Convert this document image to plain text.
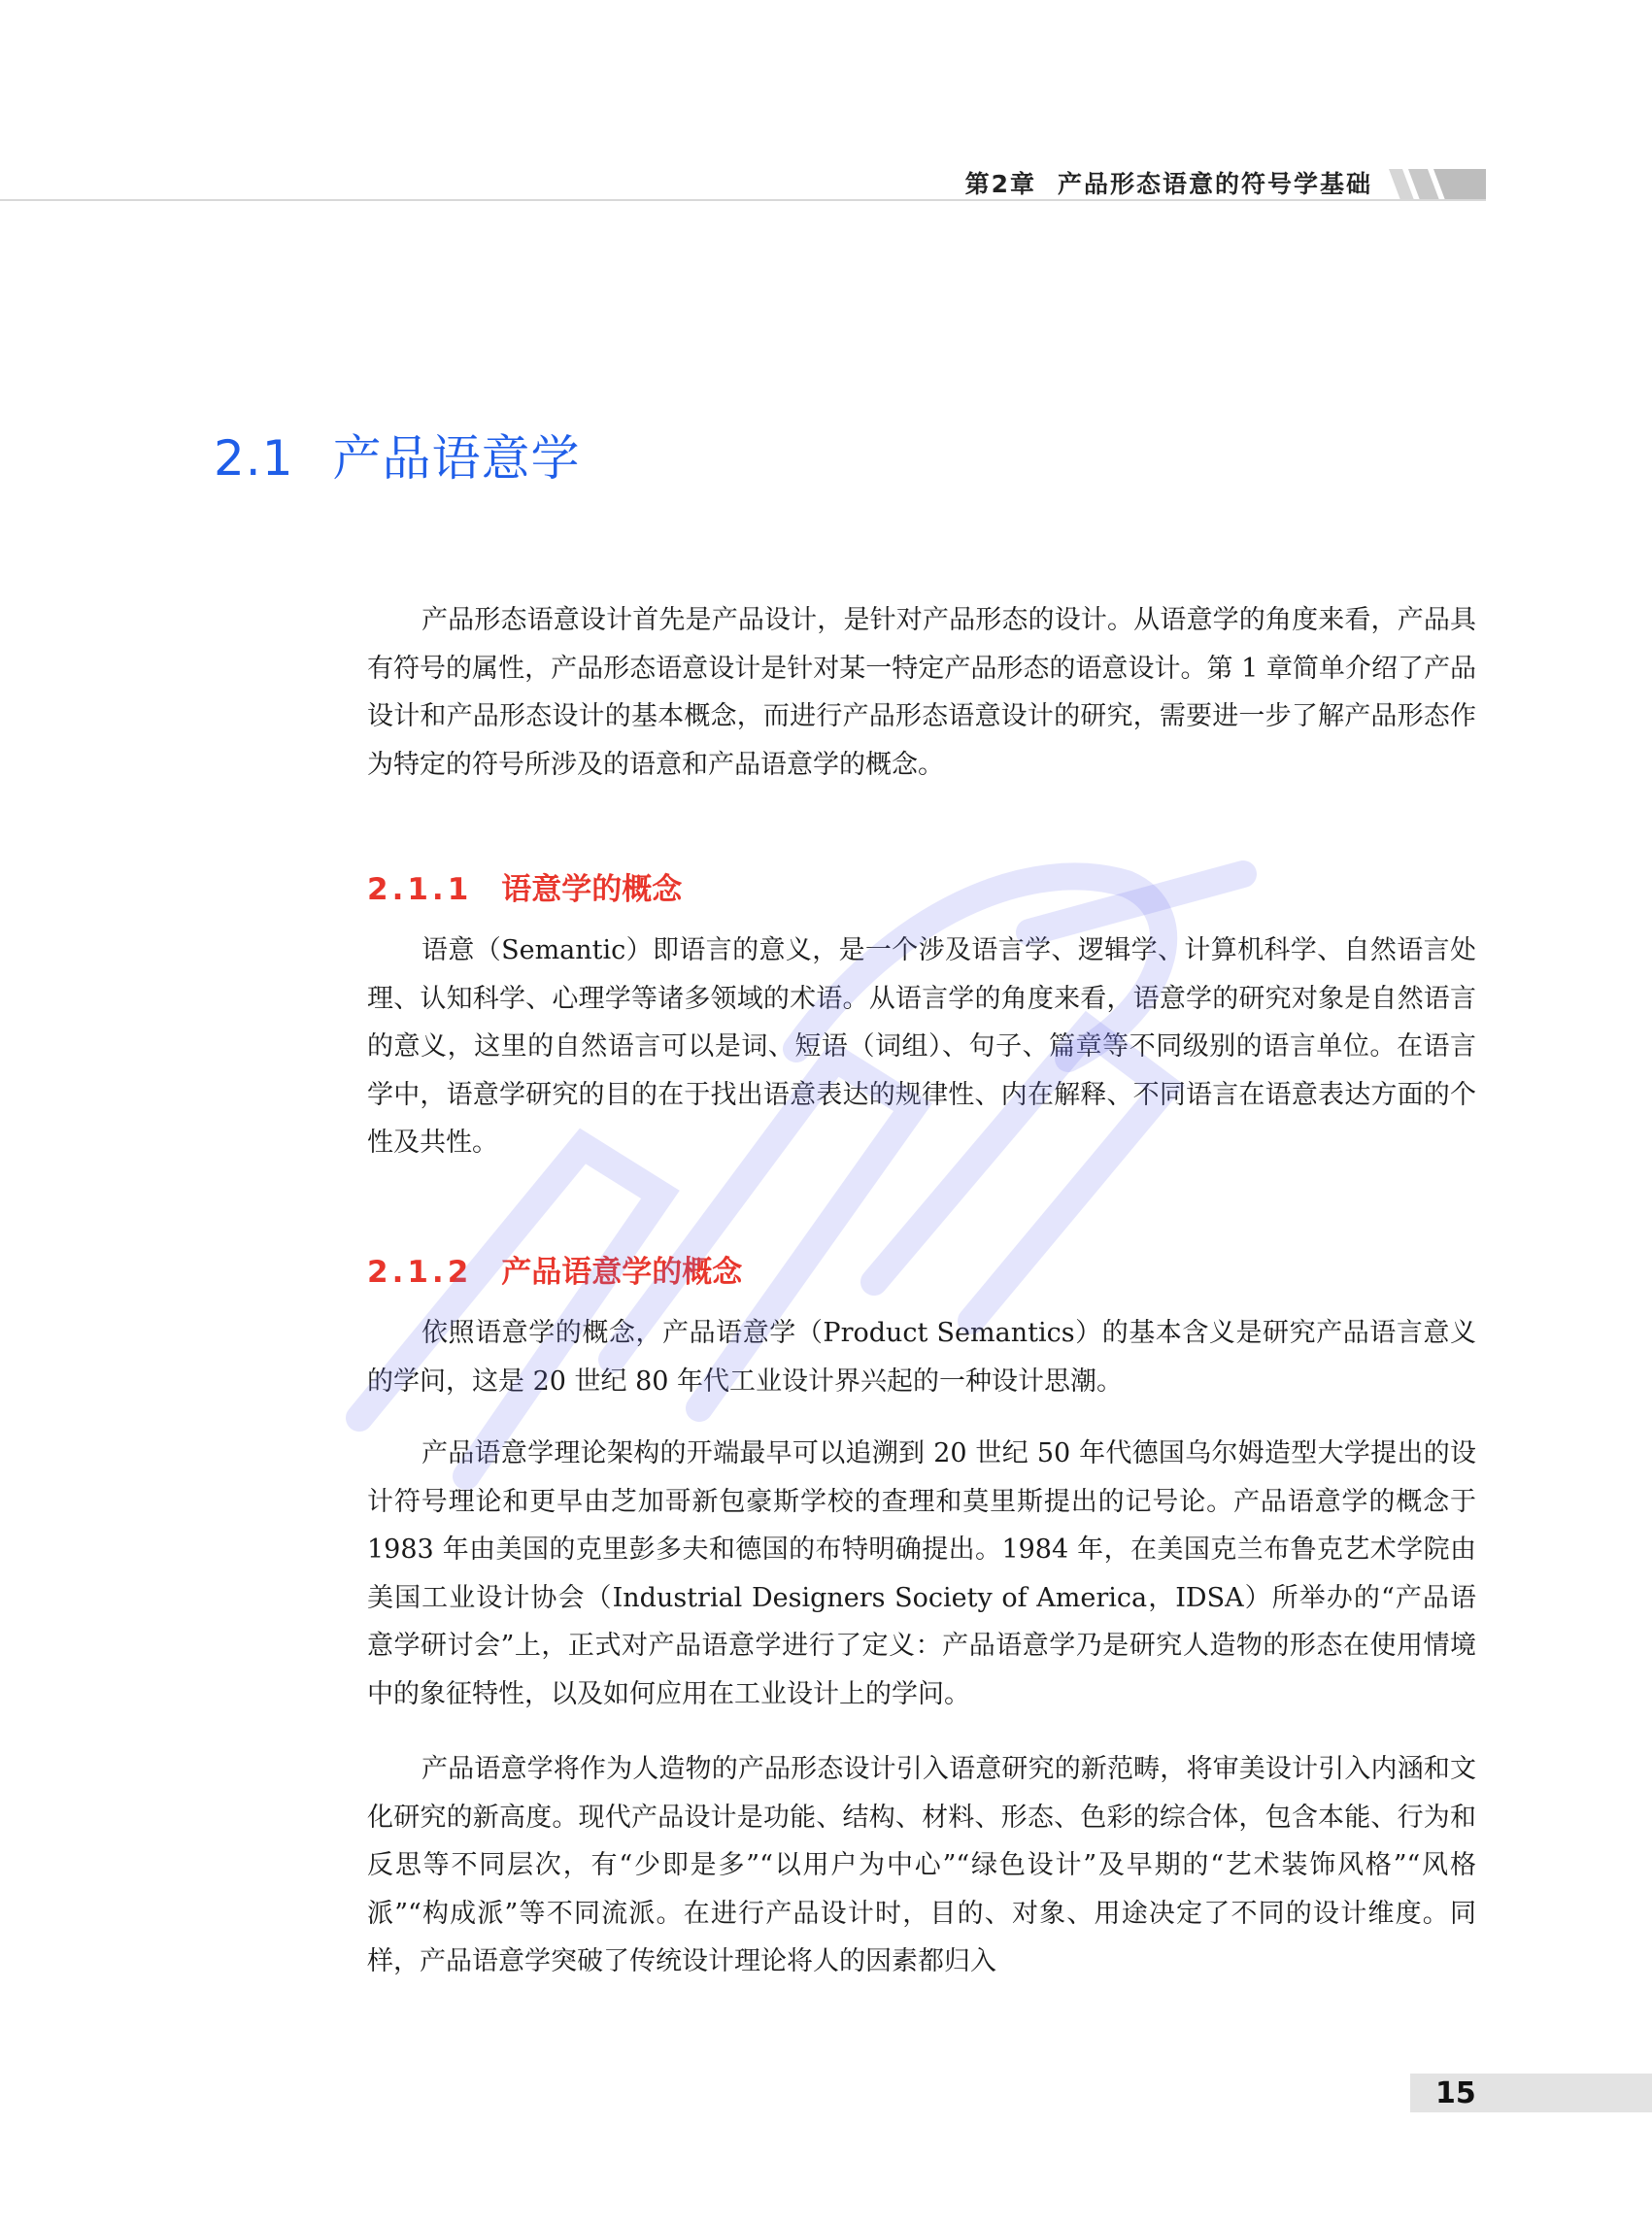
第2章 产品形态语意的符号学基础
2.1 产品语意学

产品形态语意设计首先是产品设计，是针对产品形态的设计。从语意学的角度来看，产品具有符号的属性，产品形态语意设计是针对某一特定产品形态的语意设计。第 1 章简单介绍了产品设计和产品形态设计的基本概念，而进行产品形态语意设计的研究，需要进一步了解产品形态作为特定的符号所涉及的语意和产品语意学的概念。

2.1.1 语意学的概念

语意（Semantic）即语言的意义，是一个涉及语言学、逻辑学、计算机科学、自然语言处理、认知科学、心理学等诸多领域的术语。从语言学的角度来看，语意学的研究对象是自然语言的意义，这里的自然语言可以是词、短语（词组）、句子、篇章等不同级别的语言单位。在语言学中，语意学研究的目的在于找出语意表达的规律性、内在解释、不同语言在语意表达方面的个性及共性。

2.1.2 产品语意学的概念

依照语意学的概念，产品语意学（Product Semantics）的基本含义是研究产品语言意义的学问，这是 20 世纪 80 年代工业设计界兴起的一种设计思潮。

产品语意学理论架构的开端最早可以追溯到 20 世纪 50 年代德国乌尔姆造型大学提出的设计符号理论和更早由芝加哥新包豪斯学校的查理和莫里斯提出的记号论。产品语意学的概念于 1983 年由美国的克里彭多夫和德国的布特明确提出。1984 年，在美国克兰布鲁克艺术学院由美国工业设计协会（Industrial Designers Society of America，IDSA）所举办的“产品语意学研讨会”上，正式对产品语意学进行了定义：产品语意学乃是研究人造物的形态在使用情境中的象征特性，以及如何应用在工业设计上的学问。

产品语意学将作为人造物的产品形态设计引入语意研究的新范畴，将审美设计引入内涵和文化研究的新高度。现代产品设计是功能、结构、材料、形态、色彩的综合体，包含本能、行为和反思等不同层次，有“少即是多”“以用户为中心”“绿色设计”及早期的“艺术装饰风格”“风格派”“构成派”等不同流派。在进行产品设计时，目的、对象、用途决定了不同的设计维度。同样，产品语意学突破了传统设计理论将人的因素都归入

15
